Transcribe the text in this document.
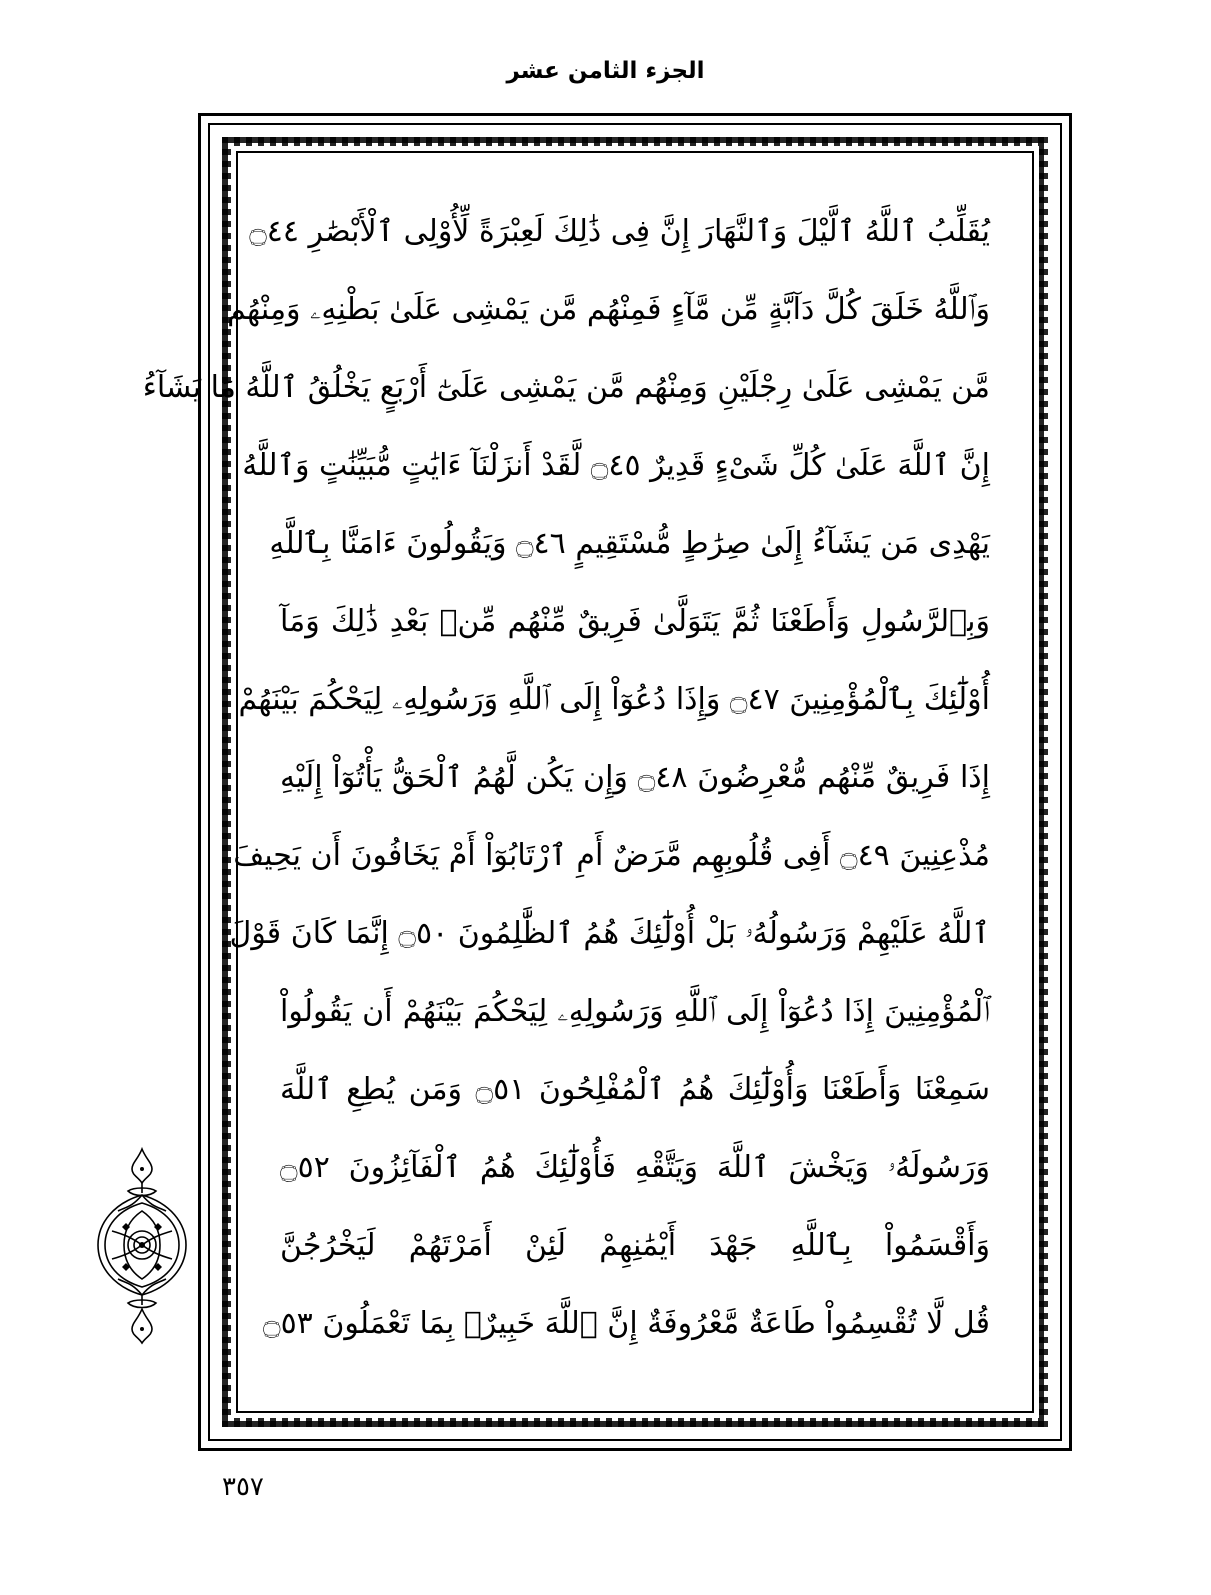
الجزء الثامن عشر
يُقَلِّبُ ٱللَّهُ ٱلَّيْلَ وَٱلنَّهَارَ إِنَّ فِى ذَٰلِكَ لَعِبْرَةً لِّأُوْلِى ٱلْأَبْصَٰرِ ۝٤٤
وَٱللَّهُ خَلَقَ كُلَّ دَآبَّةٍ مِّن مَّآءٍ فَمِنْهُم مَّن يَمْشِى عَلَىٰ بَطْنِهِۦ وَمِنْهُم
مَّن يَمْشِى عَلَىٰ رِجْلَيْنِ وَمِنْهُم مَّن يَمْشِى عَلَىٰٓ أَرْبَعٍ يَخْلُقُ ٱللَّهُ مَا يَشَآءُ
إِنَّ ٱللَّهَ عَلَىٰ كُلِّ شَىْءٍ قَدِيرٌ ۝٤٥ لَّقَدْ أَنزَلْنَآ ءَايَٰتٍ مُّبَيِّنَٰتٍ وَٱللَّهُ
يَهْدِى مَن يَشَآءُ إِلَىٰ صِرَٰطٍ مُّسْتَقِيمٍ ۝٤٦ وَيَقُولُونَ ءَامَنَّا بِٱللَّهِ
وَبِٱلرَّسُولِ وَأَطَعْنَا ثُمَّ يَتَوَلَّىٰ فَرِيقٌ مِّنْهُم مِّنۢ بَعْدِ ذَٰلِكَ وَمَآ
أُوْلَٰٓئِكَ بِٱلْمُؤْمِنِينَ ۝٤٧ وَإِذَا دُعُوٓاْ إِلَى ٱللَّهِ وَرَسُولِهِۦ لِيَحْكُمَ بَيْنَهُمْ
إِذَا فَرِيقٌ مِّنْهُم مُّعْرِضُونَ ۝٤٨ وَإِن يَكُن لَّهُمُ ٱلْحَقُّ يَأْتُوٓاْ إِلَيْهِ
مُذْعِنِينَ ۝٤٩ أَفِى قُلُوبِهِم مَّرَضٌ أَمِ ٱرْتَابُوٓاْ أَمْ يَخَافُونَ أَن يَحِيفَ
ٱللَّهُ عَلَيْهِمْ وَرَسُولُهُۥ بَلْ أُوْلَٰٓئِكَ هُمُ ٱلظَّٰلِمُونَ ۝٥٠ إِنَّمَا كَانَ قَوْلَ
ٱلْمُؤْمِنِينَ إِذَا دُعُوٓاْ إِلَى ٱللَّهِ وَرَسُولِهِۦ لِيَحْكُمَ بَيْنَهُمْ أَن يَقُولُواْ
سَمِعْنَا وَأَطَعْنَا وَأُوْلَٰٓئِكَ هُمُ ٱلْمُفْلِحُونَ ۝٥١ وَمَن يُطِعِ ٱللَّهَ
وَرَسُولَهُۥ وَيَخْشَ ٱللَّهَ وَيَتَّقْهِ فَأُوْلَٰٓئِكَ هُمُ ٱلْفَآئِزُونَ ۝٥٢
وَأَقْسَمُواْ بِٱللَّهِ جَهْدَ أَيْمَٰنِهِمْ لَئِنْ أَمَرْتَهُمْ لَيَخْرُجُنَّ
قُل لَّا تُقْسِمُواْ طَاعَةٌ مَّعْرُوفَةٌ إِنَّ ٱللَّهَ خَبِيرٌۢ بِمَا تَعْمَلُونَ ۝٥٣
٣٥٧
